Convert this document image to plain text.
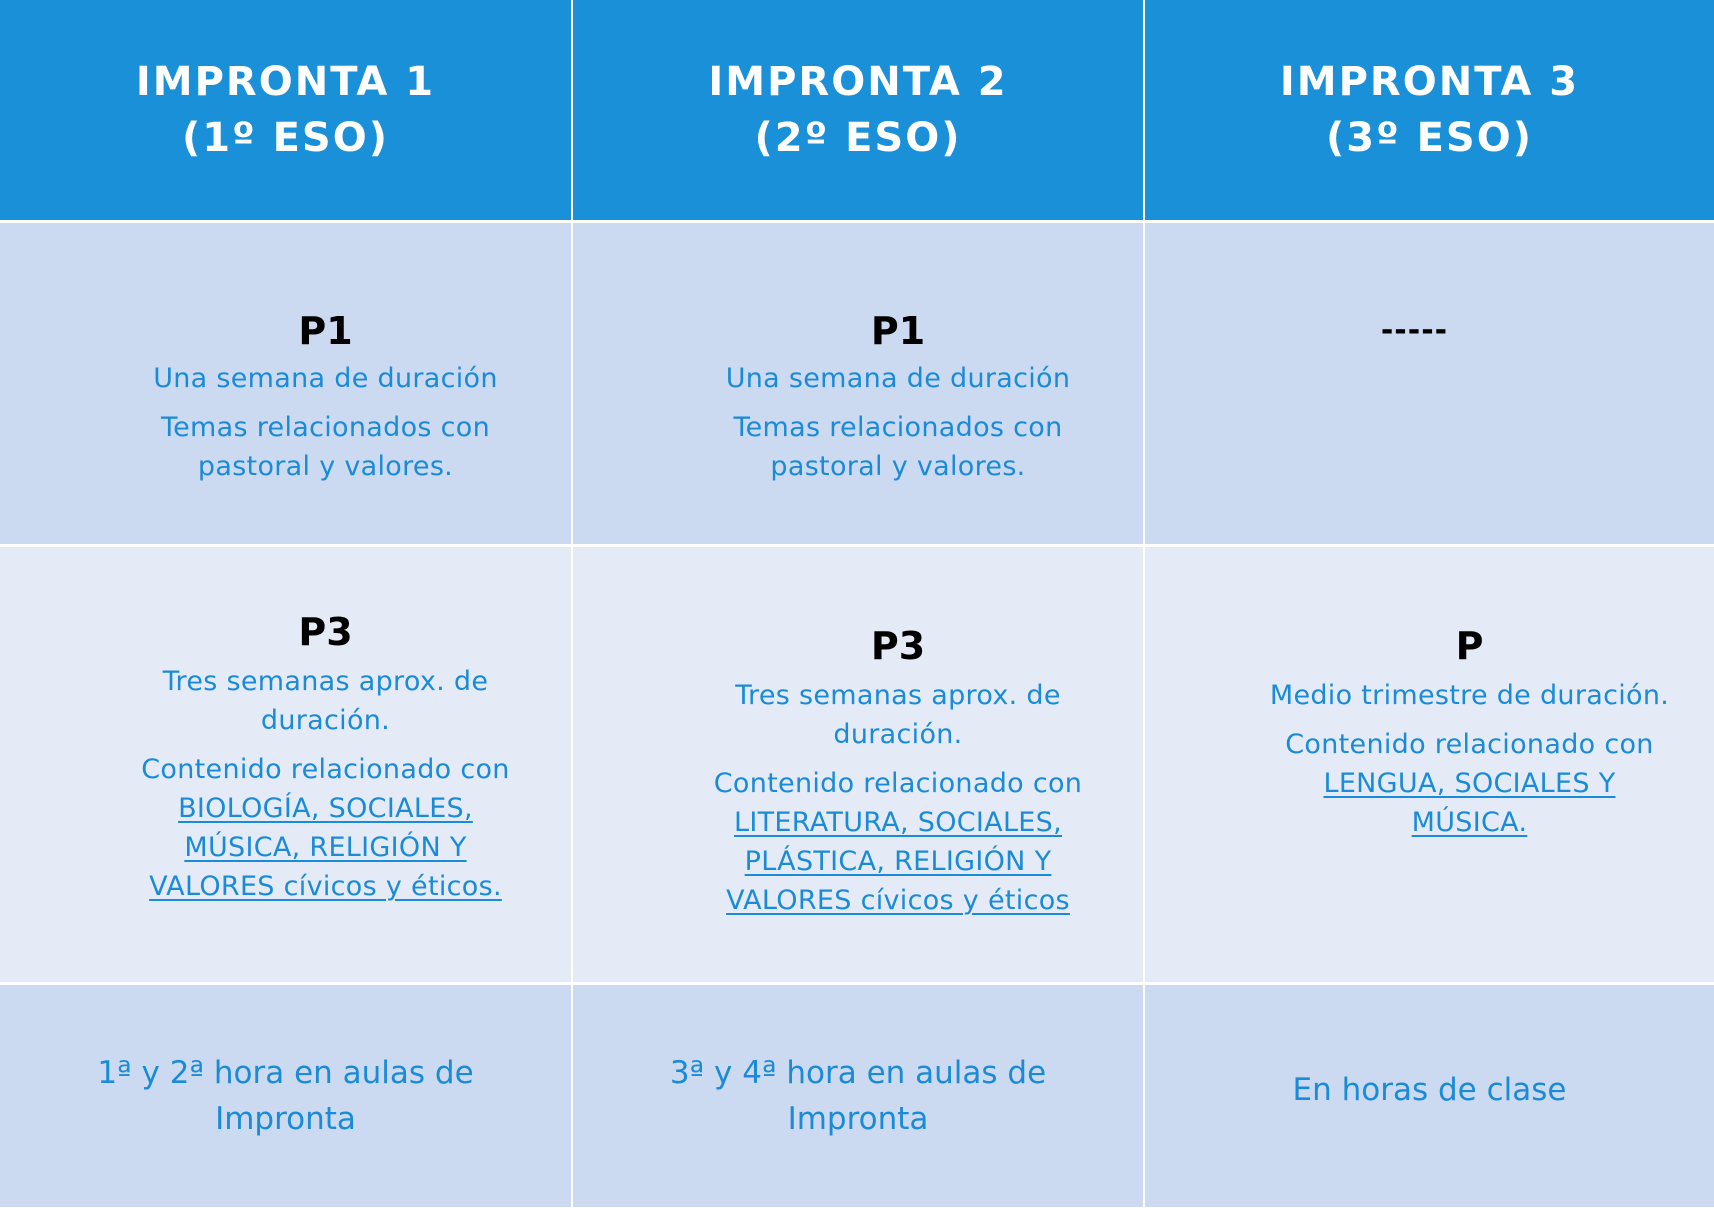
IMPRONTA 1
(1º ESO)
IMPRONTA 2
(2º ESO)
IMPRONTA 3
(3º ESO)
P1
Una semana de duración
Temas relacionados con
pastoral y valores.
P1
Una semana de duración
Temas relacionados con
pastoral y valores.
-----
P3
Tres semanas aprox. de
duración.
Contenido relacionado con
BIOLOGÍA, SOCIALES,
MÚSICA, RELIGIÓN Y
VALORES cívicos y éticos.
P3
Tres semanas aprox. de
duración.
Contenido relacionado con
LITERATURA, SOCIALES,
PLÁSTICA, RELIGIÓN Y
VALORES cívicos y éticos
P
Medio trimestre de duración.
Contenido relacionado con
LENGUA, SOCIALES Y
MÚSICA.
1ª y 2ª hora en aulas de
Impronta
3ª y 4ª hora en aulas de
Impronta
En horas de clase
